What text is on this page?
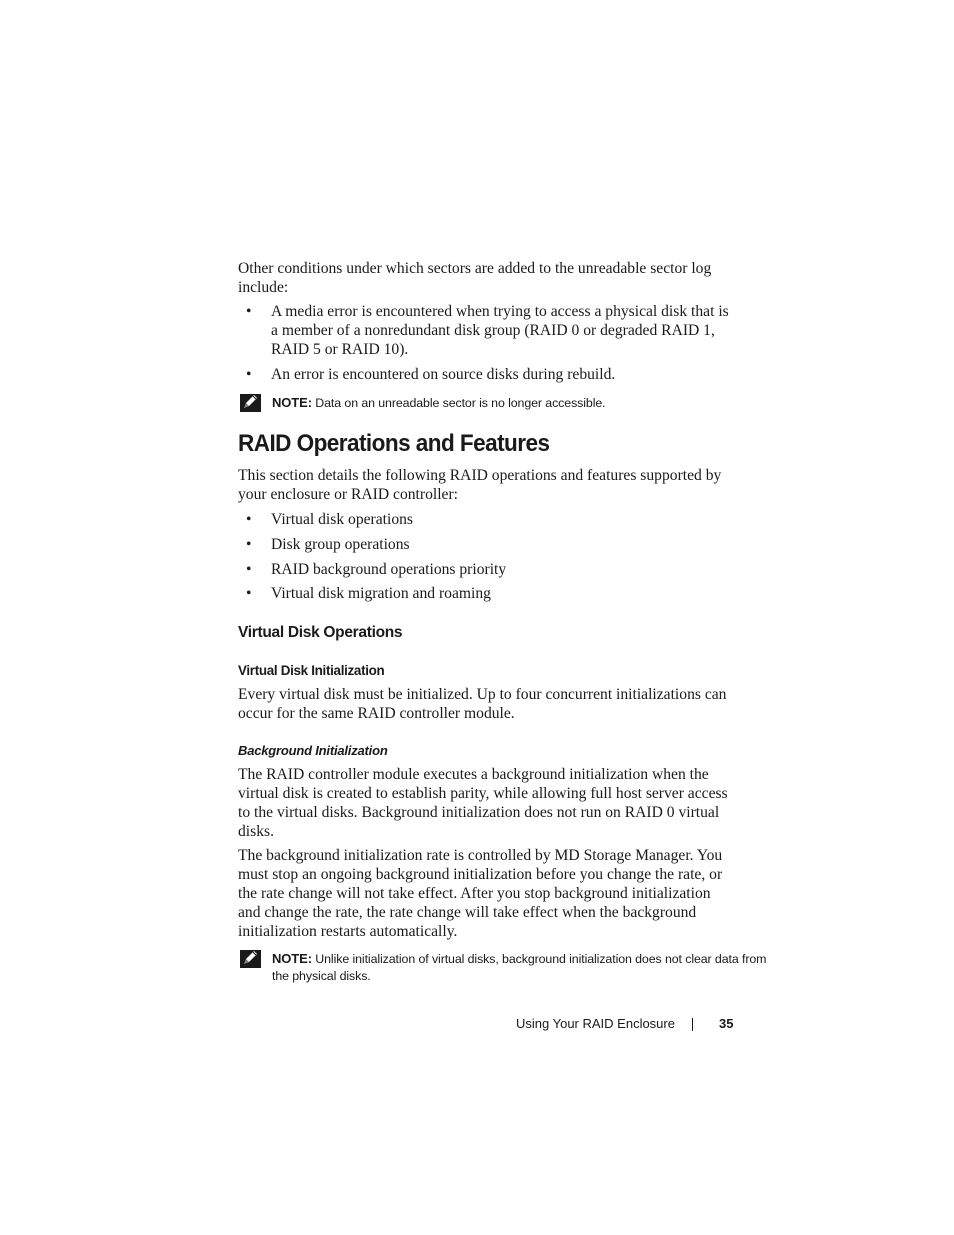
Other conditions under which sectors are added to the unreadable sector log include:

• A media error is encountered when trying to access a physical disk that is a member of a nonredundant disk group (RAID 0 or degraded RAID 1, RAID 5 or RAID 10).
• An error is encountered on source disks during rebuild.
NOTE: Data on an unreadable sector is no longer accessible.
RAID Operations and Features

This section details the following RAID operations and features supported by your enclosure or RAID controller:

• Virtual disk operations
• Disk group operations
• RAID background operations priority
• Virtual disk migration and roaming
Virtual Disk Operations
Virtual Disk Initialization

Every virtual disk must be initialized. Up to four concurrent initializations can occur for the same RAID controller module.

Background Initialization

The RAID controller module executes a background initialization when the virtual disk is created to establish parity, while allowing full host server access to the virtual disks. Background initialization does not run on RAID 0 virtual disks.

The background initialization rate is controlled by MD Storage Manager. You must stop an ongoing background initialization before you change the rate, or the rate change will not take effect. After you stop background initialization and change the rate, the rate change will take effect when the background initialization restarts automatically.

NOTE: Unlike initialization of virtual disks, background initialization does not clear data from the physical disks.
Using Your RAID Enclosure	35
